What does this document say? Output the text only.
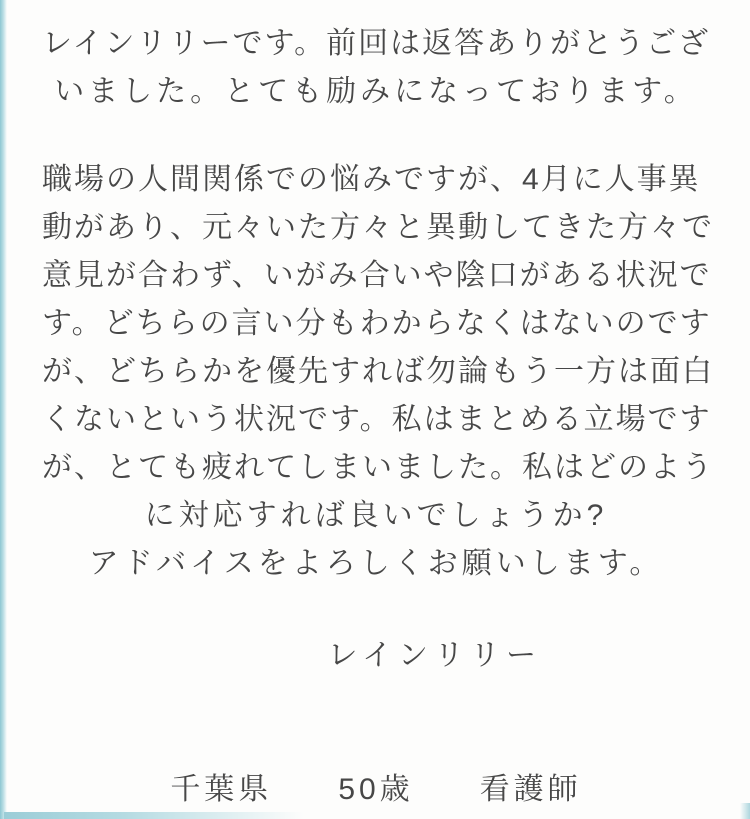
レインリリーです。前回は返答ありがとうござ
いました。とても励みになっております。
職場の人間関係での悩みですが、4月に人事異
動があり、元々いた方々と異動してきた方々で
意見が合わず、いがみ合いや陰口がある状況で
す。どちらの言い分もわからなくはないのです
が、どちらかを優先すれば勿論もう一方は面白
くないという状況です。私はまとめる立場です
が、とても疲れてしまいました。私はどのよう
に対応すれば良いでしょうか?
アドバイスをよろしくお願いします。
レインリリー
千葉県 50歳 看護師
